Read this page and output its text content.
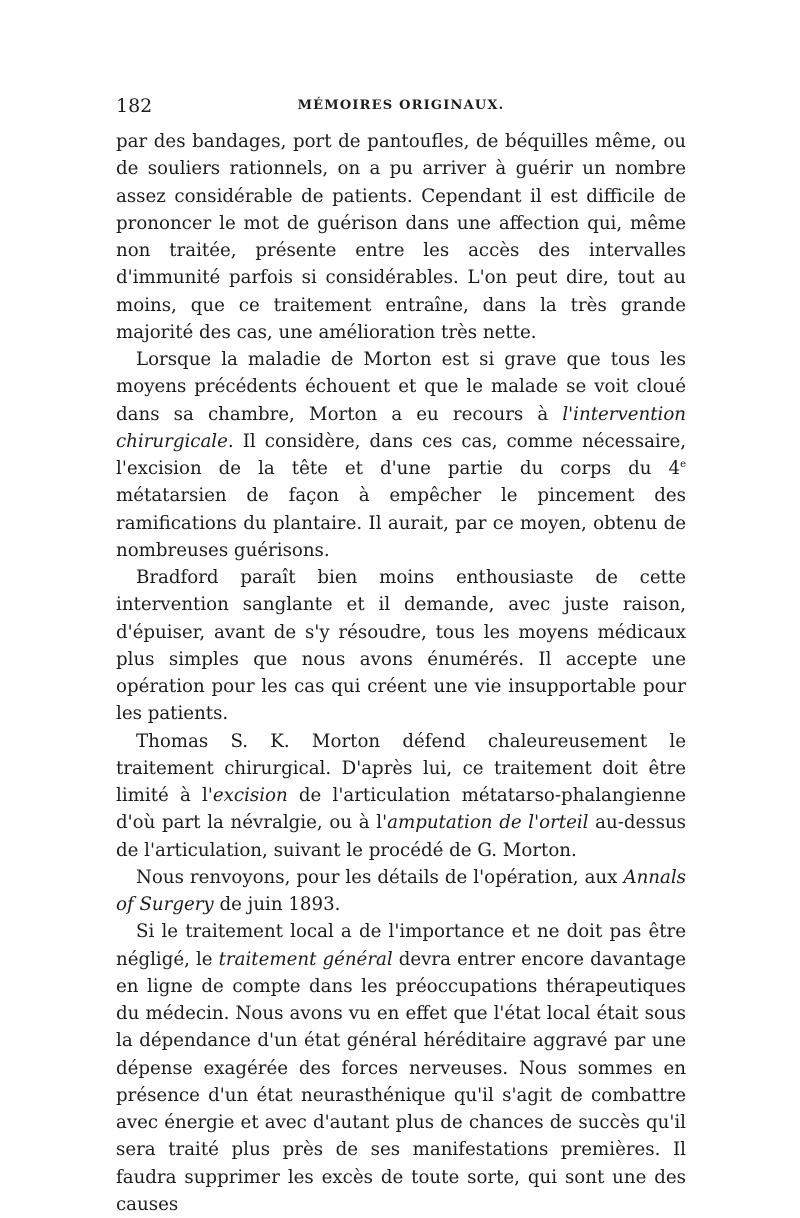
182	MÉMOIRES ORIGINAUX.

par des bandages, port de pantoufles, de béquilles même, ou de souliers rationnels, on a pu arriver à guérir un nombre assez considérable de patients. Cependant il est difficile de prononcer le mot de guérison dans une affection qui, même non traitée, présente entre les accès des intervalles d'immunité parfois si considérables. L'on peut dire, tout au moins, que ce traitement entraîne, dans la très grande majorité des cas, une amélioration très nette.

Lorsque la maladie de Morton est si grave que tous les moyens précédents échouent et que le malade se voit cloué dans sa chambre, Morton a eu recours à l'intervention chirurgicale. Il considère, dans ces cas, comme nécessaire, l'excision de la tête et d'une partie du corps du 4e métatarsien de façon à empêcher le pincement des ramifications du plantaire. Il aurait, par ce moyen, obtenu de nombreuses guérisons.

Bradford paraît bien moins enthousiaste de cette intervention sanglante et il demande, avec juste raison, d'épuiser, avant de s'y résoudre, tous les moyens médicaux plus simples que nous avons énumérés. Il accepte une opération pour les cas qui créent une vie insupportable pour les patients.

Thomas S. K. Morton défend chaleureusement le traitement chirurgical. D'après lui, ce traitement doit être limité à l'excision de l'articulation métatarso-phalangienne d'où part la névralgie, ou à l'amputation de l'orteil au-dessus de l'articulation, suivant le procédé de G. Morton.

Nous renvoyons, pour les détails de l'opération, aux Annals of Surgery de juin 1893.

Si le traitement local a de l'importance et ne doit pas être négligé, le traitement général devra entrer encore davantage en ligne de compte dans les préoccupations thérapeutiques du médecin. Nous avons vu en effet que l'état local était sous la dépendance d'un état général héréditaire aggravé par une dépense exagérée des forces nerveuses. Nous sommes en présence d'un état neurasthénique qu'il s'agit de combattre avec énergie et avec d'autant plus de chances de succès qu'il sera traité plus près de ses manifestations premières. Il faudra supprimer les excès de toute sorte, qui sont une des causes
